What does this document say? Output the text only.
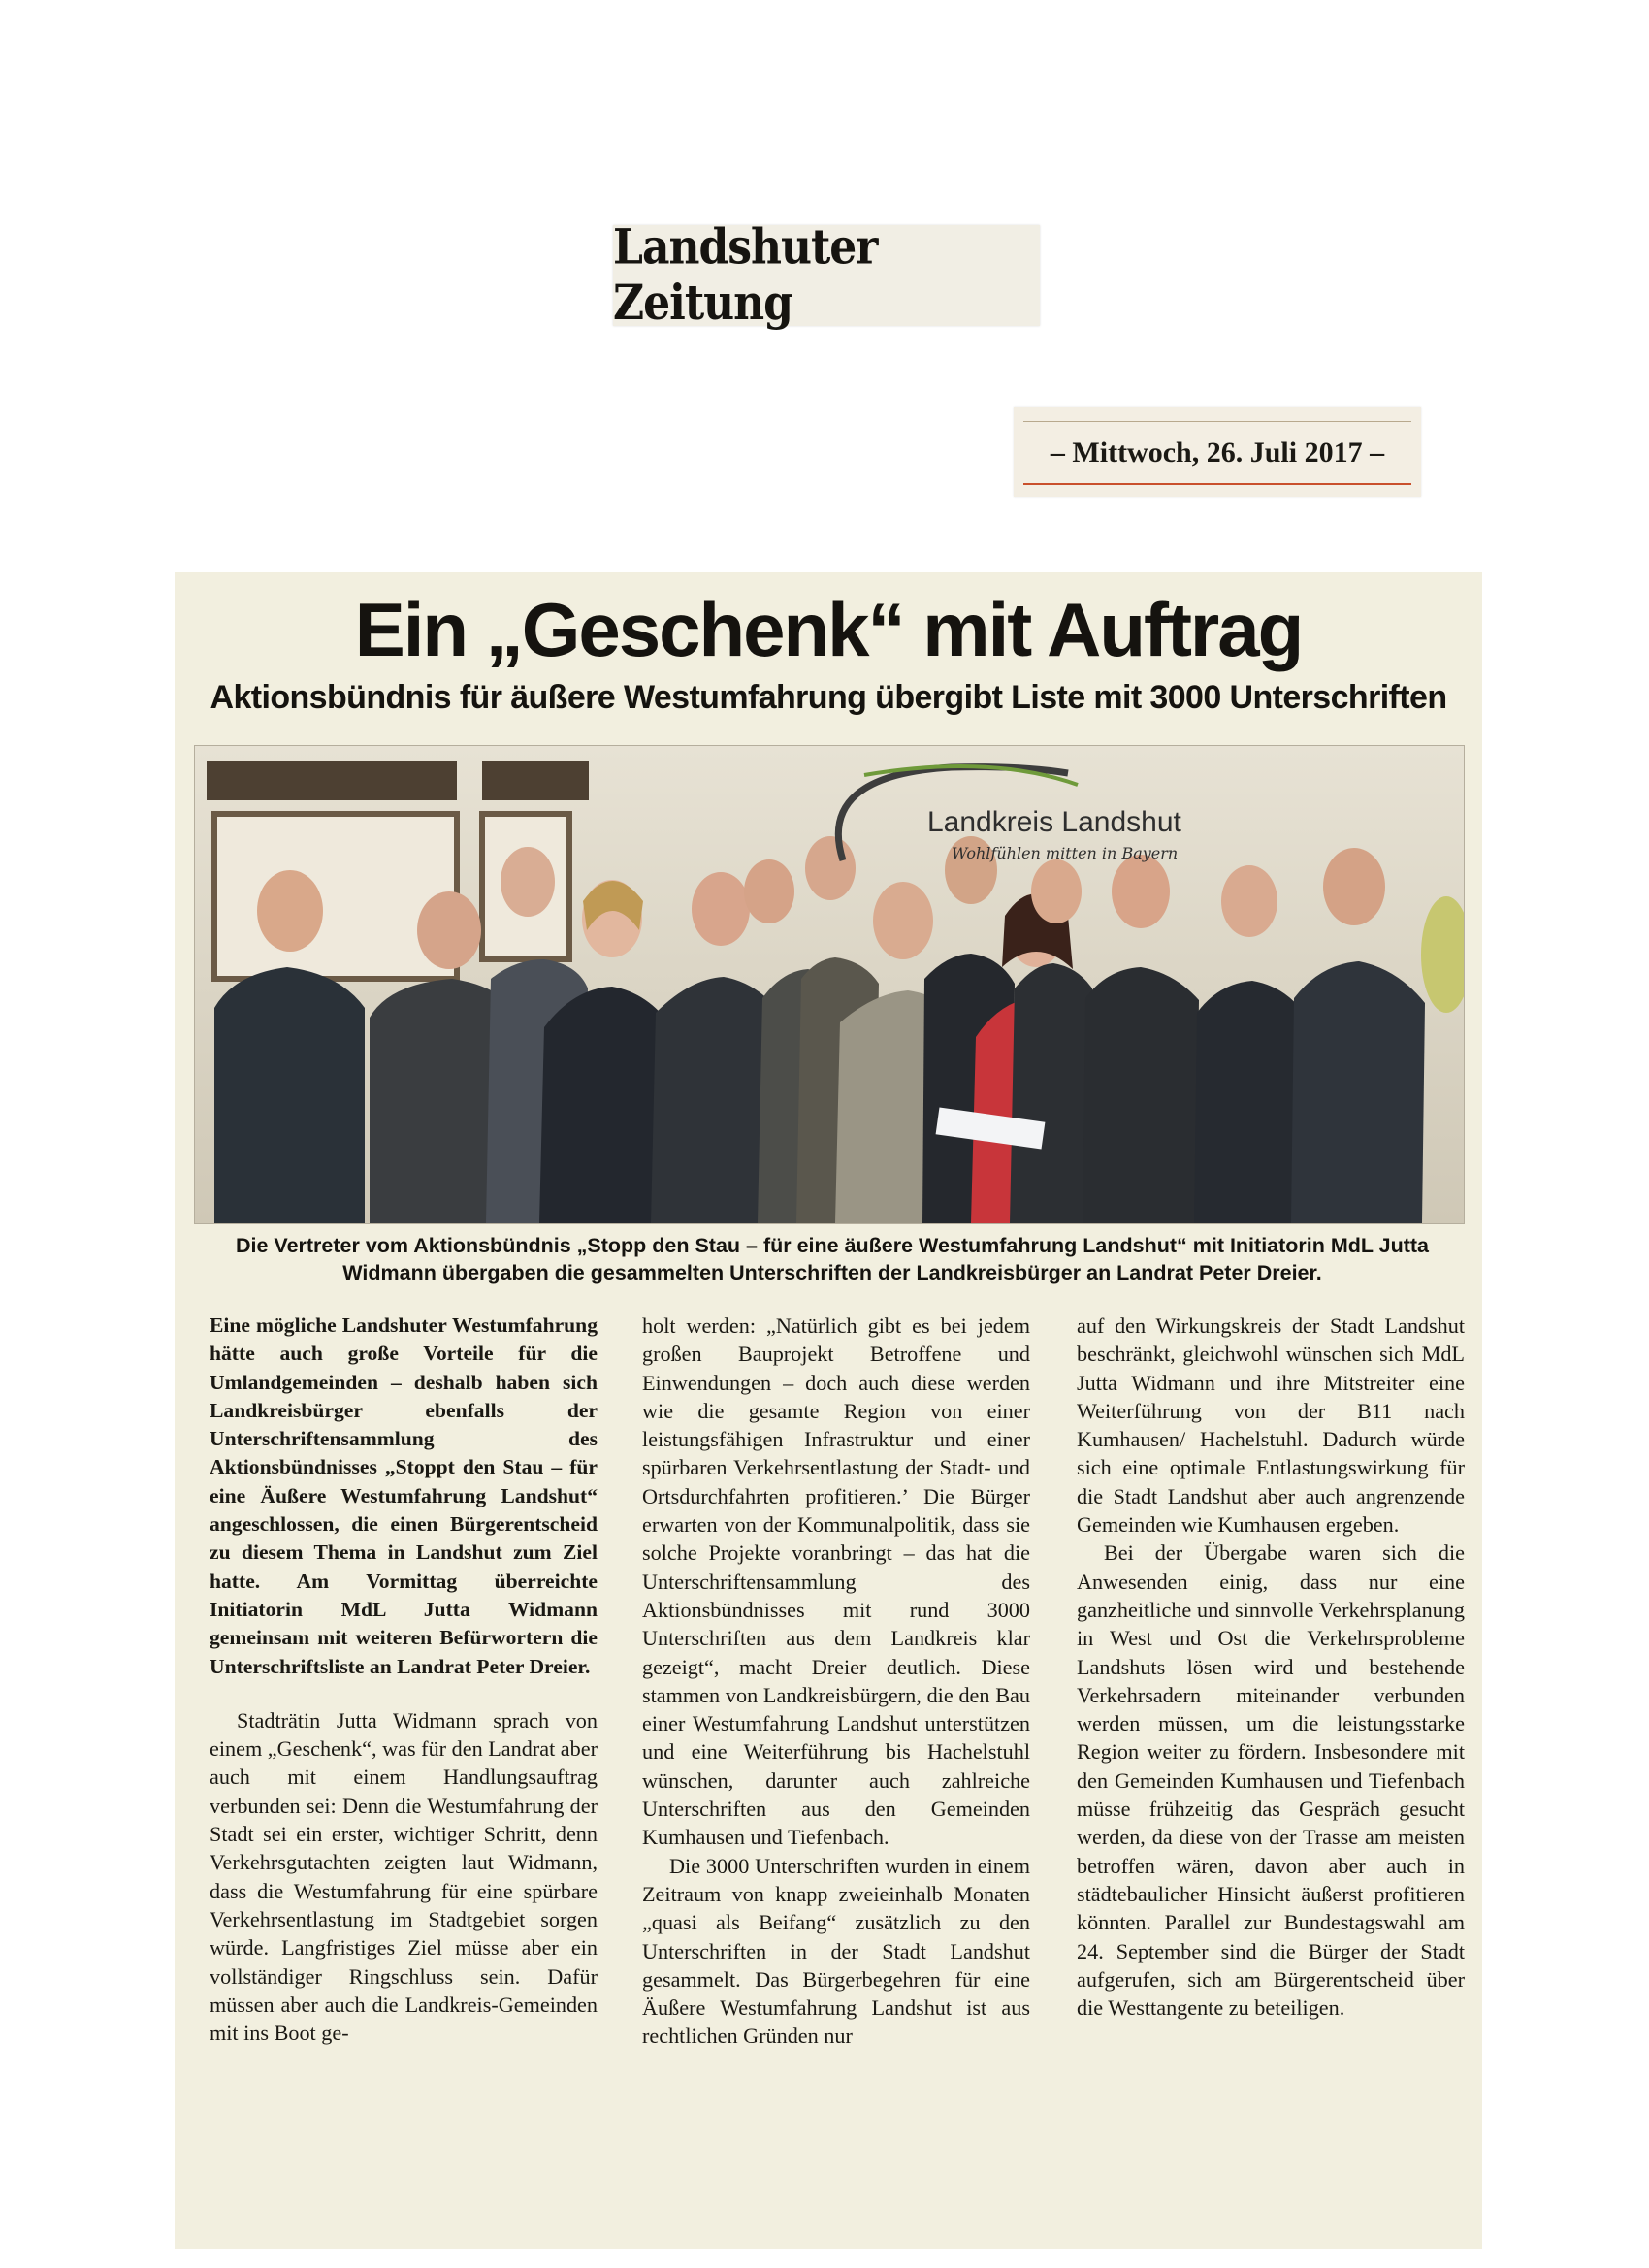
Landshuter Zeitung
– Mittwoch, 26. Juli 2017 –
Ein „Geschenk“ mit Auftrag
Aktionsbündnis für äußere Westumfahrung übergibt Liste mit 3000 Unterschriften
Landkreis Landshut
Wohlfühlen mitten in Bayern
Die Vertreter vom Aktionsbündnis „Stopp den Stau – für eine äußere Westumfahrung Landshut“ mit Initiatorin MdL Jutta Widmann übergaben die gesammelten Unterschriften der Landkreisbürger an Landrat Peter Dreier.

Eine mögliche Landshuter Westumfahrung hätte auch große Vorteile für die Umlandgemeinden – deshalb haben sich Landkreisbürger ebenfalls der Unterschriftensammlung des Aktionsbündnisses „Stoppt den Stau – für eine Äußere Westumfahrung Landshut“ angeschlossen, die einen Bürgerentscheid zu diesem Thema in Landshut zum Ziel hatte. Am Vormittag überreichte Initiatorin MdL Jutta Widmann gemeinsam mit weiteren Befürwortern die Unterschriftsliste an Landrat Peter Dreier.

Stadträtin Jutta Widmann sprach von einem „Geschenk“, was für den Landrat aber auch mit einem Handlungsauftrag verbunden sei: Denn die Westumfahrung der Stadt sei ein erster, wichtiger Schritt, denn Verkehrsgutachten zeigten laut Widmann, dass die Westumfahrung für eine spürbare Verkehrsentlastung im Stadtgebiet sorgen würde. Langfristiges Ziel müsse aber ein vollständiger Ringschluss sein. Dafür müssen aber auch die Landkreis-Gemeinden mit ins Boot ge-

holt werden: „Natürlich gibt es bei jedem großen Bauprojekt Betroffene und Einwendungen – doch auch diese werden wie die gesamte Region von einer leistungsfähigen Infrastruktur und einer spürbaren Verkehrsentlastung der Stadt- und Ortsdurchfahrten profitieren.’ Die Bürger erwarten von der Kommunalpolitik, dass sie solche Projekte voranbringt – das hat die Unterschriftensammlung des Aktionsbündnisses mit rund 3000 Unterschriften aus dem Landkreis klar gezeigt“, macht Dreier deutlich. Diese stammen von Landkreisbürgern, die den Bau einer Westumfahrung Landshut unterstützen und eine Weiterführung bis Hachelstuhl wünschen, darunter auch zahlreiche Unterschriften aus den Gemeinden Kumhausen und Tiefenbach.

Die 3000 Unterschriften wurden in einem Zeitraum von knapp zweieinhalb Monaten „quasi als Beifang“ zusätzlich zu den Unterschriften in der Stadt Landshut gesammelt. Das Bürgerbegehren für eine Äußere Westumfahrung Landshut ist aus rechtlichen Gründen nur

auf den Wirkungskreis der Stadt Landshut beschränkt, gleichwohl wünschen sich MdL Jutta Widmann und ihre Mitstreiter eine Weiterführung von der B11 nach Kumhausen/ Hachelstuhl. Dadurch würde sich eine optimale Entlastungswirkung für die Stadt Landshut aber auch angrenzende Gemeinden wie Kumhausen ergeben.

Bei der Übergabe waren sich die Anwesenden einig, dass nur eine ganzheitliche und sinnvolle Verkehrsplanung in West und Ost die Verkehrsprobleme Landshuts lösen wird und bestehende Verkehrsadern miteinander verbunden werden müssen, um die leistungsstarke Region weiter zu fördern. Insbesondere mit den Gemeinden Kumhausen und Tiefenbach müsse frühzeitig das Gespräch gesucht werden, da diese von der Trasse am meisten betroffen wären, davon aber auch in städtebaulicher Hinsicht äußerst profitieren könnten. Parallel zur Bundestagswahl am 24. September sind die Bürger der Stadt aufgerufen, sich am Bürgerentscheid über die Westtangente zu beteiligen.
